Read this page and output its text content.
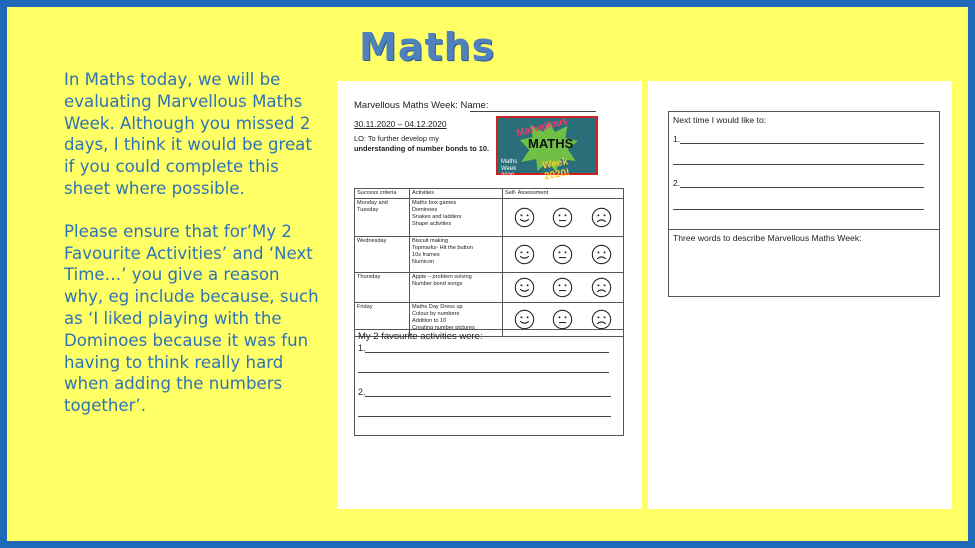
Maths

In Maths today, we will be evaluating Marvellous Maths Week. Although you missed 2 days, I think it would be great if you could complete this sheet where possible.

Please ensure that for’My 2 Favourite Activities’ and ‘Next Time…’ you give a reason why, eg include because, such as ‘I liked playing with the Dominoes because it was fun having to think really hard when adding the numbers together’.

Marvellous Maths Week: Name:
30.11.2020 – 04.12.2020
LO: To further develop my
understanding of number bonds to 10.
Marvellous
MATHS
Week 2020!
Maths Week 2020
Success criteria	Activities	Self- Assessment
Monday and Tuesday	Maths box games
Dominoes
Snakes and ladders
Shape activities

Wednesday	Biscuit making
Topmarks- Hit the button
10s frames
Numicon

Thursday	Apple – problem solving
Number bond songs

Friday	Maths Day Dress up
Colour by numbers
Addition to 10
Creating number pictures

My 2 favourite activities were:
1.
2.
Next time I would like to:
1.
2.
Three words to describe Marvellous Maths Week:
